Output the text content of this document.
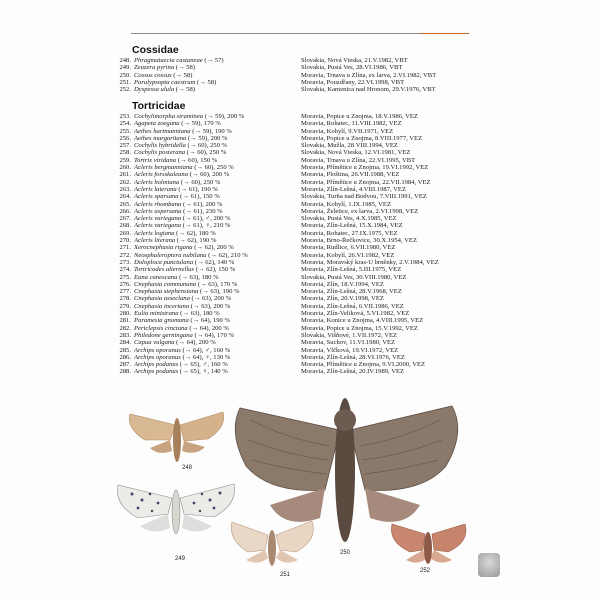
Cossidae
248. Phragmataecia castaneae (→ 57)	Slovakia, Nová Vieska, 21.V.1982, VBT
249. Zeuzera pyrina (→ 58)	Slovakia, Pustá Ves, 28.VI.1986, VBT
250. Cossus cossus (→ 58)	Moravia, Trnava u Zlína, ex larva, 2.VI.1982, VBT
251. Paralypsopta caestrum (→ 58)	Moravia, Pouzdřany, 22.VI.1998, VBT
252. Dyspessa ulula (→ 58)	Slovakia, Kamenica nad Hronom, 29.V.1976, VBT
Tortricidae
253. Cochylimorpha straminea (→ 59), 200 %	Moravia, Popice u Znojma, 18.V.1986, VEZ
254. Agapeta zoegana (→ 59), 170 %	Moravia, Rohatec, 11.VIII.1982, VEZ
255. Aethes hartmanniana (→ 59), 190 %	Moravia, Kobylí, 9.VII.1971, VEZ
256. Aethes margaritana (→ 59), 200 %	Moravia, Popice u Znojma, 8.VIII.1977, VEZ
257. Cochylis hybridella (→ 60), 250 %	Slovakia, Mužla, 28.VIII.1994, VEZ
258. Cochylis posterana (→ 60), 250 %	Slovakia, Nová Vieska, 12.VI.1981, VEZ
259. Tortrix viridana (→ 60), 150 %	Moravia, Trnava u Zlína, 22.VI.1995, VBT
260. Acleris bergmanniana (→ 60), 250 %	Moravia, Přímětice u Znojma, 19.VI.1992, VEZ
261. Acleris forsskaleana (→ 60), 200 %	Moravia, Ploština, 26.VII.1988, VEZ
262. Acleris holmiana (→ 60), 250 %	Moravia, Přímětice u Znojma, 22.VII.1984, VEZ
263. Acleris laterana (→ 61), 190 %	Moravia, Zlín-Lešná, 4.VIII.1987, VEZ
264. Acleris sparsana (→ 61), 150 %	Slovakia, Turňa nad Bodvou, 7.VIII.1991, VEZ
265. Acleris rhombana (→ 61), 200 %	Moravia, Kobylí, 1.IX.1985, VEZ
266. Acleris aspersana (→ 61), 230 %	Moravia, Želetice, ex larva, 2.VI.1998, VEZ
267. Acleris variegana (→ 61), ♂, 200 %	Slovakia, Pustá Ves, 4.X.1985, VEZ
268. Acleris variegana (→ 61), ♀, 210 %	Moravia, Zlín-Lešná, 15.X.1984, VEZ
269. Acleris logiana (→ 62), 180 %	Moravia, Rohatec, 27.IX.1975, VEZ
270. Acleris literana (→ 62), 190 %	Moravia, Brno-Řečkovice, 30.X.1954, VEZ
271. Xerocnephasia rigana (→ 62), 200 %	Moravia, Rudlice, 6.VII.1980, VEZ
272. Neosphaleroptera nubilana (→ 62), 210 %	Moravia, Kobylí, 26.VI.1982, VEZ
273. Doloploca punctulana (→ 62), 140 %	Moravia, Moravský kras-U brněnky, 2.V.1984, VEZ
274. Tortricodes alternellus (→ 62), 150 %	Moravia, Zlín-Lešná, 5.III.1975, VEZ
275. Eana canescana (→ 63), 180 %	Slovakia, Pustá Ves, 30.VIII.1980, VEZ
276. Cnephasia communana (→ 63), 170 %	Moravia, Zlín, 18.V.1994, VEZ
277. Cnephasia stephensiana (→ 63), 190 %	Moravia, Zlín-Lešná, 28.V.1968, VEZ
278. Cnephasia asseclana (→ 63), 200 %	Moravia, Zlín, 20.V.1998, VEZ
279. Cnephasia incertana (→ 63), 200 %	Moravia, Zlín-Lešná, 6.VII.1986, VEZ
280. Eulia ministrana (→ 63), 180 %	Moravia, Zlín-Veliková, 5.VI.1982, VEZ
281. Paramesia gnomana (→ 64), 190 %	Moravia, Konice u Znojma, 4.VIII.1995, VEZ
282. Periclepsis cinctana (→ 64), 200 %	Moravia, Popice u Znojma, 15.V.1992, VEZ
283. Philedone gerningana (→ 64), 170 %	Slovakia, Višňové, 1.VII.1972, VEZ
284. Capua vulgana (→ 64), 200 %	Moravia, Suchov, 11.VI.1980, VEZ
285. Archips oporanus (→ 64), ♂, 160 %	Moravia, Vlčková, 19.VI.1972, VEZ
286. Archips oporanus (→ 64), ♀, 130 %	Moravia, Zlín-Lešná, 28.VI.1976, VEZ
287. Archips podanus (→ 65), ♂, 160 %	Moravia, Přímětice u Znojma, 9.VI.2000, VEZ
288. Archips podanus (→ 65), ♀, 140 %	Moravia, Zlín-Lešná, 20.IV.1989, VEZ
248
249
250
251
252
